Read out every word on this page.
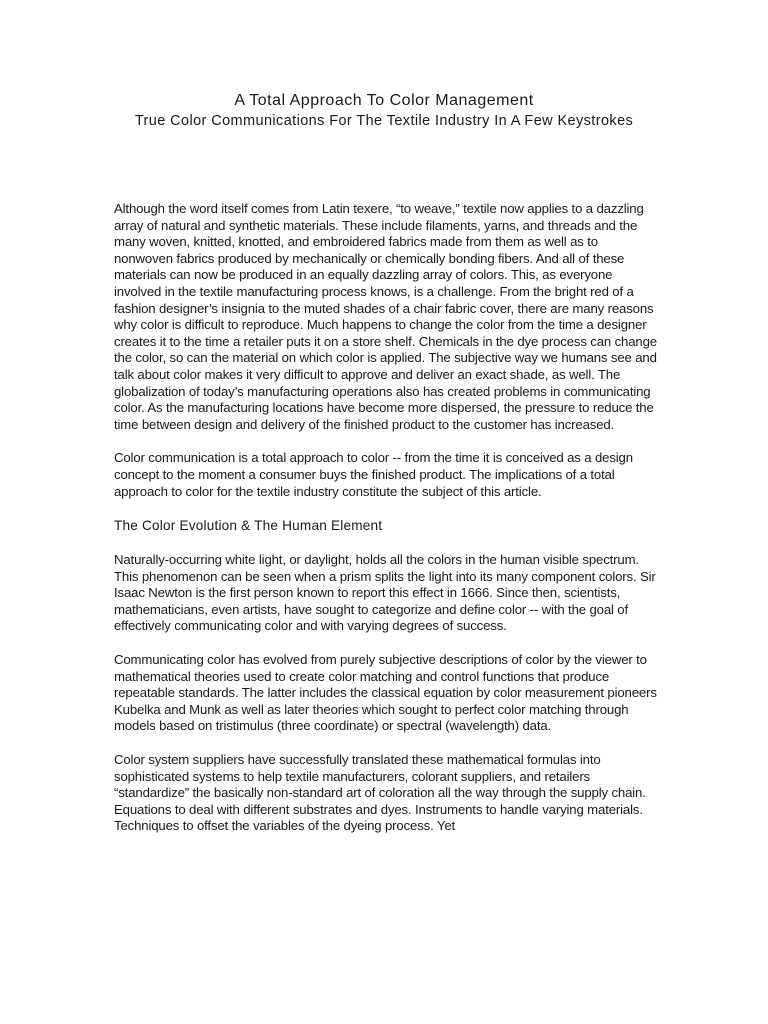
A Total Approach To Color Management
True Color Communications For The Textile Industry In A Few Keystrokes

Although the word itself comes from Latin texere, “to weave,” textile now applies to a dazzling array of natural and synthetic materials. These include filaments, yarns, and threads and the many woven, knitted, knotted, and embroidered fabrics made from them as well as to nonwoven fabrics produced by mechanically or chemically bonding fibers. And all of these materials can now be produced in an equally dazzling array of colors. This, as everyone involved in the textile manufacturing process knows, is a challenge. From the bright red of a fashion designer’s insignia to the muted shades of a chair fabric cover, there are many reasons why color is difficult to reproduce. Much happens to change the color from the time a designer creates it to the time a retailer puts it on a store shelf. Chemicals in the dye process can change the color, so can the material on which color is applied. The subjective way we humans see and talk about color makes it very difficult to approve and deliver an exact shade, as well. The globalization of today’s manufacturing operations also has created problems in communicating color. As the manufacturing locations have become more dispersed, the pressure to reduce the time between design and delivery of the finished product to the customer has increased.

Color communication is a total approach to color -- from the time it is conceived as a design concept to the moment a consumer buys the finished product. The implications of a total approach to color for the textile industry constitute the subject of this article.

The Color Evolution & The Human Element

Naturally-occurring white light, or daylight, holds all the colors in the human visible spectrum. This phenomenon can be seen when a prism splits the light into its many component colors. Sir Isaac Newton is the first person known to report this effect in 1666. Since then, scientists, mathematicians, even artists, have sought to categorize and define color -- with the goal of effectively communicating color and with varying degrees of success.

Communicating color has evolved from purely subjective descriptions of color by the viewer to mathematical theories used to create color matching and control functions that produce repeatable standards. The latter includes the classical equation by color measurement pioneers Kubelka and Munk as well as later theories which sought to perfect color matching through models based on tristimulus (three coordinate) or spectral (wavelength) data.

Color system suppliers have successfully translated these mathematical formulas into sophisticated systems to help textile manufacturers, colorant suppliers, and retailers “standardize” the basically non-standard art of coloration all the way through the supply chain. Equations to deal with different substrates and dyes. Instruments to handle varying materials. Techniques to offset the variables of the dyeing process. Yet
